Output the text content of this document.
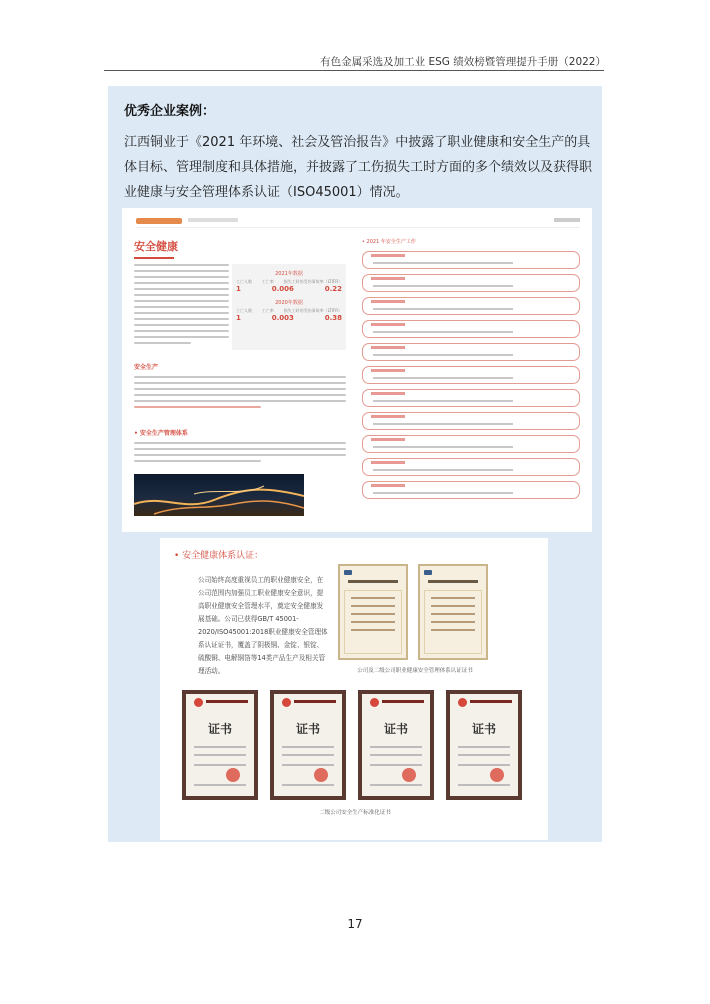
有色金属采选及加工业 ESG 绩效榜暨管理提升手册（2022）
优秀企业案例：
江西铜业于《2021 年环境、社会及管治报告》中披露了职业健康和安全生产的具体目标、管理制度和具体措施，并披露了工伤损失工时方面的多个绩效以及获得职业健康与安全管理体系认证（ISO45001）情况。
安全健康
2021年数据
工亡人数 工亡率 损失工时的受伤事故率（LTIFR）
1	0.006	0.22
2020年数据
工亡人数 工亡率 损失工时的受伤事故率（LTIFR）
1	0.003	0.38
安全生产
• 安全生产管理体系
• 2021 年安全生产工作
• 安全健康体系认证：
公司始终高度重视员工的职业健康安全，在公司范围内加强员工职业健康安全意识，提高职业健康安全管理水平，奠定安全健康发展基础。公司已获得GB/T 45001-2020/ISO45001:2018职业健康安全管理体系认证证书，覆盖了阴极铜、金锭、银锭、硫酸铜、电解铜箔等14类产品生产及相关管理活动。	公司及二级公司职业健康安全管理体系认证证书
证书	证书	证书	证书
二级公司安全生产标准化证书
17
